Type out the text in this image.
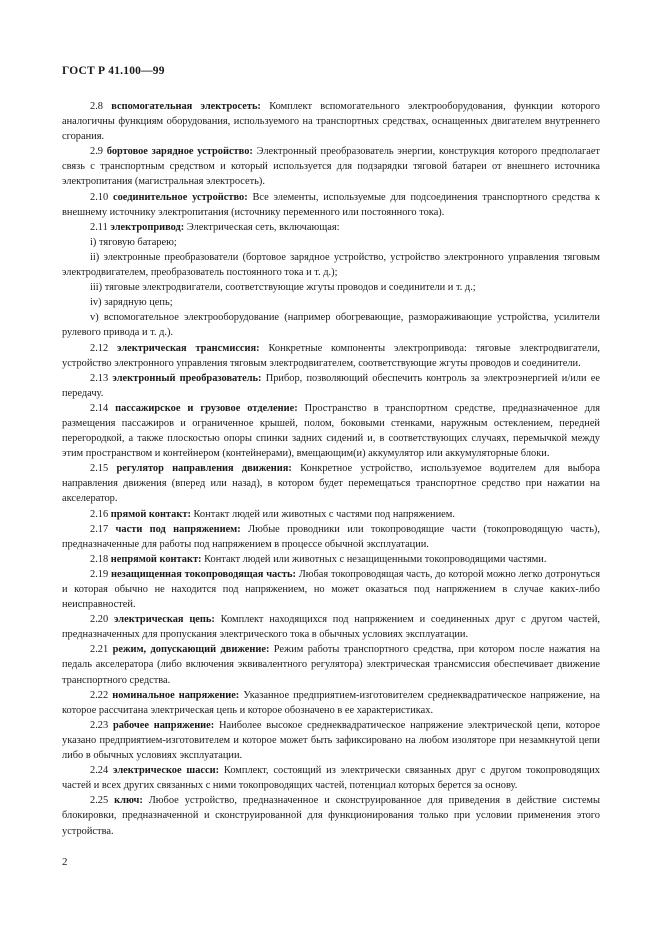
ГОСТ Р 41.100—99

2.8 вспомогательная электросеть: Комплект вспомогательного электрооборудования, функции которого аналогичны функциям оборудования, используемого на транспортных средствах, оснащенных двигателем внутреннего сгорания.

2.9 бортовое зарядное устройство: Электронный преобразователь энергии, конструкция которого предполагает связь с транспортным средством и который используется для подзарядки тяговой батареи от внешнего источника электропитания (магистральная электросеть).

2.10 соединительное устройство: Все элементы, используемые для подсоединения транспортного средства к внешнему источнику электропитания (источнику переменного или постоянного тока).

2.11 электропривод: Электрическая сеть, включающая:

i) тяговую батарею;

ii) электронные преобразователи (бортовое зарядное устройство, устройство электронного управления тяговым электродвигателем, преобразователь постоянного тока и т. д.);

iii) тяговые электродвигатели, соответствующие жгуты проводов и соединители и т. д.;

iv) зарядную цепь;

v) вспомогательное электрооборудование (например обогревающие, размораживающие устройства, усилители рулевого привода и т. д.).

2.12 электрическая трансмиссия: Конкретные компоненты электропривода: тяговые электродвигатели, устройство электронного управления тяговым электродвигателем, соответствующие жгуты проводов и соединители.

2.13 электронный преобразователь: Прибор, позволяющий обеспечить контроль за электроэнергией и/или ее передачу.

2.14 пассажирское и грузовое отделение: Пространство в транспортном средстве, предназначенное для размещения пассажиров и ограниченное крышей, полом, боковыми стенками, наружным остеклением, передней перегородкой, а также плоскостью опоры спинки задних сидений и, в соответствующих случаях, перемычкой между этим пространством и контейнером (контейнерами), вмещающим(и) аккумулятор или аккумуляторные блоки.

2.15 регулятор направления движения: Конкретное устройство, используемое водителем для выбора направления движения (вперед или назад), в котором будет перемещаться транспортное средство при нажатии на акселератор.

2.16 прямой контакт: Контакт людей или животных с частями под напряжением.

2.17 части под напряжением: Любые проводники или токопроводящие части (токопроводящую часть), предназначенные для работы под напряжением в процессе обычной эксплуатации.

2.18 непрямой контакт: Контакт людей или животных с незащищенными токопроводящими частями.

2.19 незащищенная токопроводящая часть: Любая токопроводящая часть, до которой можно легко дотронуться и которая обычно не находится под напряжением, но может оказаться под напряжением в случае каких-либо неисправностей.

2.20 электрическая цепь: Комплект находящихся под напряжением и соединенных друг с другом частей, предназначенных для пропускания электрического тока в обычных условиях эксплуатации.

2.21 режим, допускающий движение: Режим работы транспортного средства, при котором после нажатия на педаль акселератора (либо включения эквивалентного регулятора) электрическая трансмиссия обеспечивает движение транспортного средства.

2.22 номинальное напряжение: Указанное предприятием-изготовителем среднеквадратическое напряжение, на которое рассчитана электрическая цепь и которое обозначено в ее характеристиках.

2.23 рабочее напряжение: Наиболее высокое среднеквадратическое напряжение электрической цепи, которое указано предприятием-изготовителем и которое может быть зафиксировано на любом изоляторе при незамкнутой цепи либо в обычных условиях эксплуатации.

2.24 электрическое шасси: Комплект, состоящий из электрически связанных друг с другом токопроводящих частей и всех других связанных с ними токопроводящих частей, потенциал которых берется за основу.

2.25 ключ: Любое устройство, предназначенное и сконструированное для приведения в действие системы блокировки, предназначенной и сконструированной для функционирования только при условии применения этого устройства.

2
